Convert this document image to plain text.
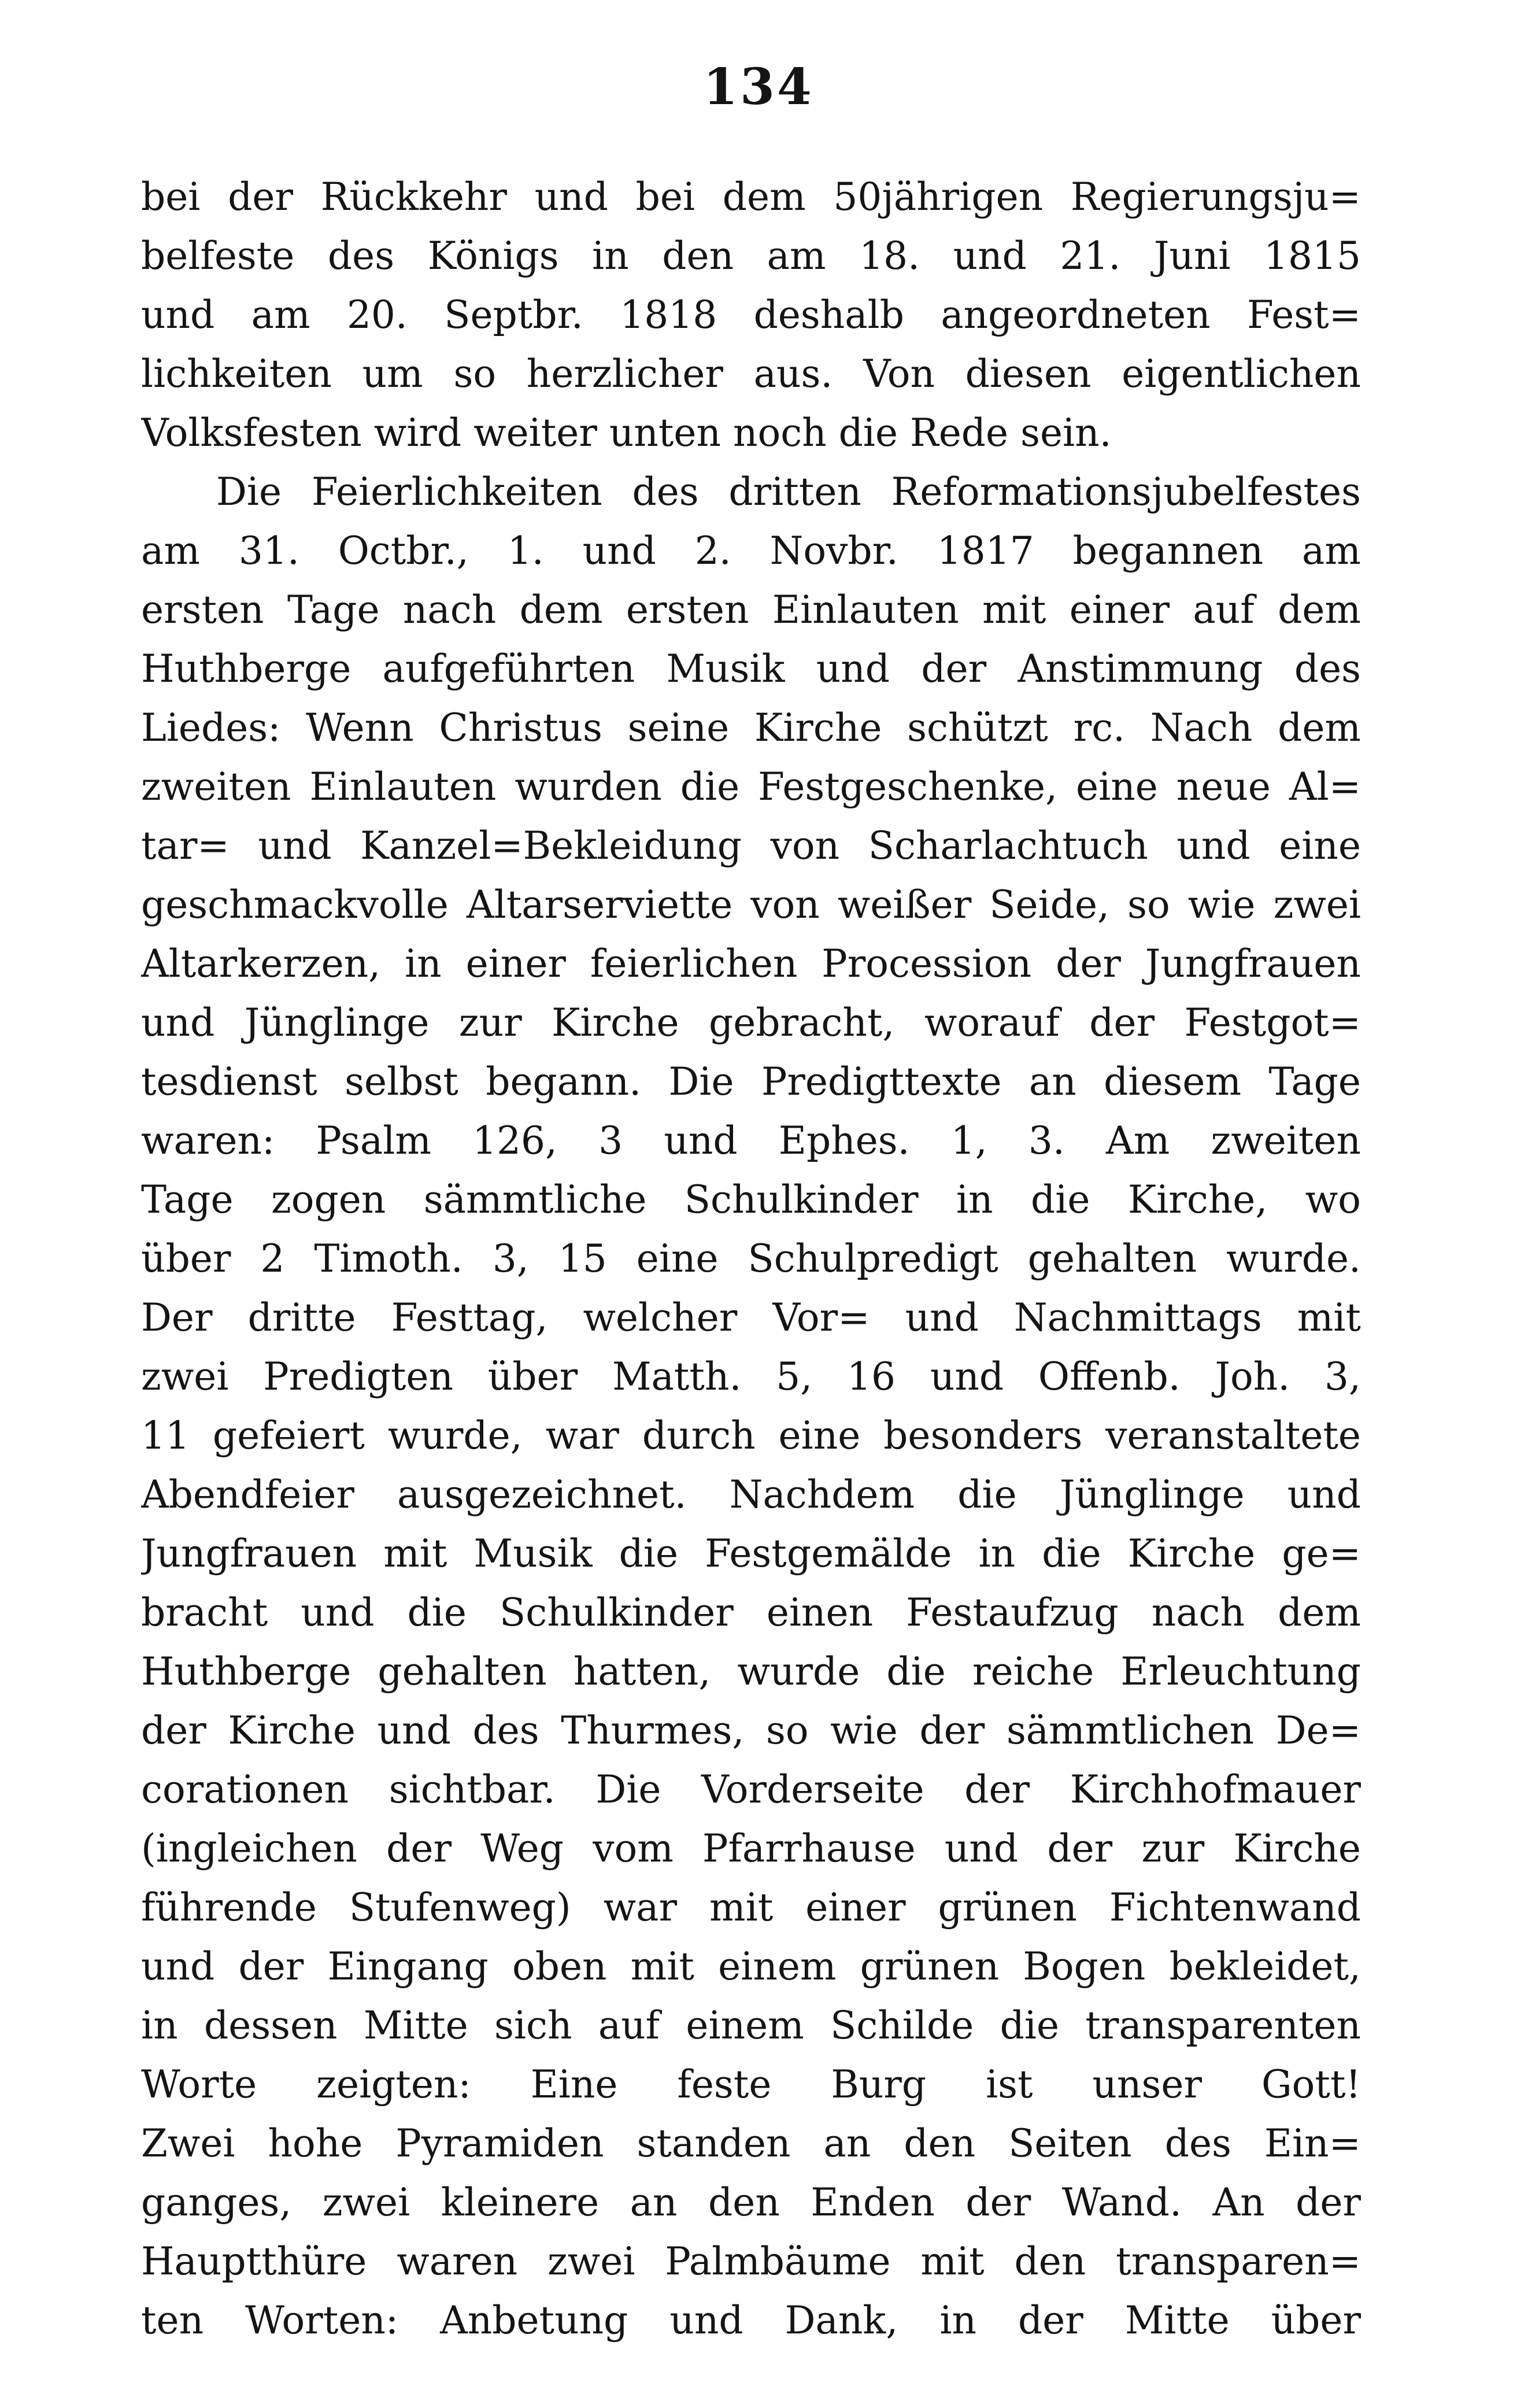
134
bei der Rückkehr und bei dem 50jährigen Regierungsju=
belfeste des Königs in den am 18. und 21. Juni 1815
und am 20. Septbr. 1818 deshalb angeordneten Fest=
lichkeiten um so herzlicher aus. Von diesen eigentlichen
Volksfesten wird weiter unten noch die Rede sein.
Die Feierlichkeiten des dritten Reformationsjubelfestes
am 31. Octbr., 1. und 2. Novbr. 1817 begannen am
ersten Tage nach dem ersten Einlauten mit einer auf dem
Huthberge aufgeführten Musik und der Anstimmung des
Liedes: Wenn Christus seine Kirche schützt rc. Nach dem
zweiten Einlauten wurden die Festgeschenke, eine neue Al=
tar= und Kanzel=Bekleidung von Scharlachtuch und eine
geschmackvolle Altarserviette von weißer Seide, so wie zwei
Altarkerzen, in einer feierlichen Procession der Jungfrauen
und Jünglinge zur Kirche gebracht, worauf der Festgot=
tesdienst selbst begann. Die Predigttexte an diesem Tage
waren: Psalm 126, 3 und Ephes. 1, 3. Am zweiten
Tage zogen sämmtliche Schulkinder in die Kirche, wo
über 2 Timoth. 3, 15 eine Schulpredigt gehalten wurde.
Der dritte Festtag, welcher Vor= und Nachmittags mit
zwei Predigten über Matth. 5, 16 und Offenb. Joh. 3,
11 gefeiert wurde, war durch eine besonders veranstaltete
Abendfeier ausgezeichnet. Nachdem die Jünglinge und
Jungfrauen mit Musik die Festgemälde in die Kirche ge=
bracht und die Schulkinder einen Festaufzug nach dem
Huthberge gehalten hatten, wurde die reiche Erleuchtung
der Kirche und des Thurmes, so wie der sämmtlichen De=
corationen sichtbar. Die Vorderseite der Kirchhofmauer
(ingleichen der Weg vom Pfarrhause und der zur Kirche
führende Stufenweg) war mit einer grünen Fichtenwand
und der Eingang oben mit einem grünen Bogen bekleidet,
in dessen Mitte sich auf einem Schilde die transparenten
Worte zeigten: Eine feste Burg ist unser Gott!
Zwei hohe Pyramiden standen an den Seiten des Ein=
ganges, zwei kleinere an den Enden der Wand. An der
Hauptthüre waren zwei Palmbäume mit den transparen=
ten Worten: Anbetung und Dank, in der Mitte über
